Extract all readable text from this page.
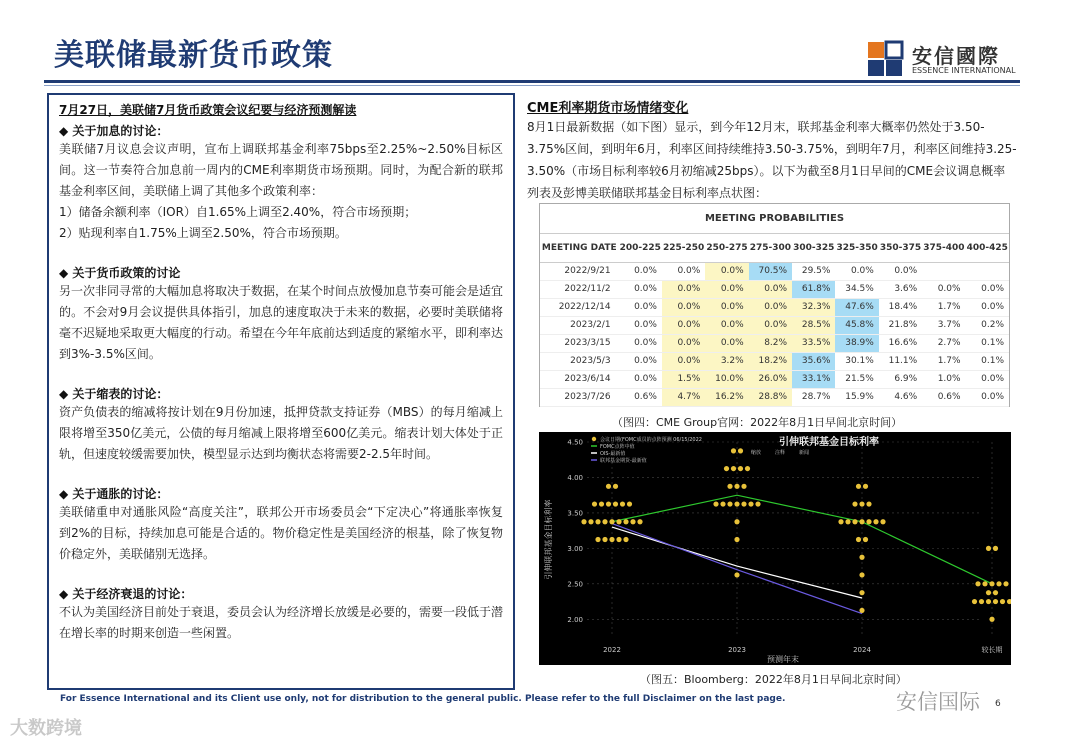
美联储最新货币政策	安信國際
ESSENCE INTERNATIONAL
7月27日，美联储7月货币政策会议纪要与经济预测解读
◆ 关于加息的讨论：
美联储7月议息会议声明，宣布上调联邦基金利率75bps至2.25%~2.50%目标区间。这一节奏符合加息前一周内的CME利率期货市场预期。同时，为配合新的联邦基金利率区间，美联储上调了其他多个政策利率：
1）储备余额利率（IOR）自1.65%上调至2.40%，符合市场预期；
2）贴现利率自1.75%上调至2.50%，符合市场预期。
◆ 关于货币政策的讨论
另一次非同寻常的大幅加息将取决于数据，在某个时间点放慢加息节奏可能会是适宜的。不会对9月会议提供具体指引，加息的速度取决于未来的数据，必要时美联储将毫不迟疑地采取更大幅度的行动。希望在今年年底前达到适度的紧缩水平，即利率达到3%-3.5%区间。
◆ 关于缩表的讨论：
资产负债表的缩减将按计划在9月份加速，抵押贷款支持证券（MBS）的每月缩减上限将增至350亿美元，公债的每月缩减上限将增至600亿美元。缩表计划大体处于正轨，但速度较缓需要加快，模型显示达到均衡状态将需要2-2.5年时间。
◆ 关于通胀的讨论：
美联储重申对通胀风险“高度关注”，联邦公开市场委员会“下定决心”将通胀率恢复到2%的目标，持续加息可能是合适的。物价稳定性是美国经济的根基，除了恢复物价稳定外，美联储别无选择。
◆ 关于经济衰退的讨论：
不认为美国经济目前处于衰退，委员会认为经济增长放缓是必要的，需要一段低于潜在增长率的时期来创造一些闲置。
CME利率期货市场情绪变化
8月1日最新数据（如下图）显示，到今年12月末，联邦基金利率大概率仍然处于3.50-3.75%区间，到明年6月，利率区间持续维持3.50-3.75%，到明年7月，利率区间维持3.25-3.50%（市场目标利率较6月初缩减25bps）。以下为截至8月1日早间的CME会议调息概率列表及彭博美联储联邦基金目标利率点状图：
MEETING PROBABILITIES
MEETING DATE	200-225	225-250	250-275	275-300	300-325	325-350	350-375	375-400	400-425
2022/9/21	0.0%	0.0%	0.0%	70.5%	29.5%	0.0%	0.0%		
2022/11/2	0.0%	0.0%	0.0%	0.0%	61.8%	34.5%	3.6%	0.0%	0.0%
2022/12/14	0.0%	0.0%	0.0%	0.0%	32.3%	47.6%	18.4%	1.7%	0.0%
2023/2/1	0.0%	0.0%	0.0%	0.0%	28.5%	45.8%	21.8%	3.7%	0.2%
2023/3/15	0.0%	0.0%	0.0%	8.2%	33.5%	38.9%	16.6%	2.7%	0.1%
2023/5/3	0.0%	0.0%	3.2%	18.2%	35.6%	30.1%	11.1%	1.7%	0.1%
2023/6/14	0.0%	1.5%	10.0%	26.0%	33.1%	21.5%	6.9%	1.0%	0.0%
2023/7/26	0.6%	4.7%	16.2%	28.8%	28.7%	15.9%	4.6%	0.6%	0.0%
（图四：CME Group官网：2022年8月1日早间北京时间）
2.00
2.50
3.00
3.50
4.00
4.50
2022	2023	2024	较长期
预测年末
引伸联邦基金目标利率
引伸联邦基金目标利率
会议日期(FOMC成员的点阵预测 06/15/2022
FOMC点阵中值
OIS-最新值
联邦基金期货-最新值
缩放	注释	新闻
（图五：Bloomberg：2022年8月1日早间北京时间）
For Essence International and its Client use only, not for distribution to the general public. Please refer to the full Disclaimer on the last page.	6
大数跨境
安信国际
